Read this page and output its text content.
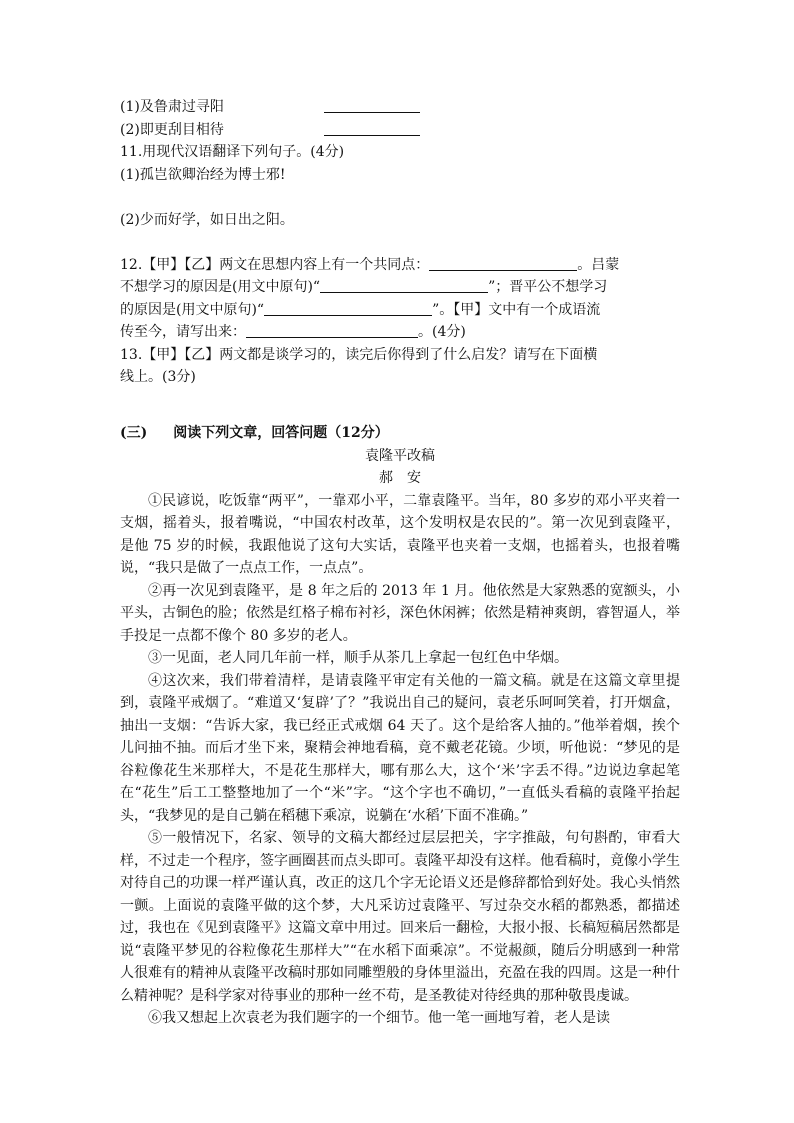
(1)及鲁肃过寻阳
(2)即更刮目相待
11.用现代汉语翻译下列句子。(4分)
(1)孤岂欲卿治经为博士邪!
(2)少而好学，如日出之阳。
12.【甲】【乙】两文在思想内容上有一个共同点：	。吕蒙
不想学习的原因是(用文中原句)“	”；晋平公不想学习
的原因是(用文中原句)“	”。【甲】文中有一个成语流
传至今，请写出来：	。(4分)
13.【甲】【乙】两文都是谈学习的，读完后你得到了什么启发？请写在下面横
线上。(3分)
(三) 阅读下列文章，回答问题（12分）
袁隆平改稿
郝　安

①民谚说，吃饭靠“两平”，一靠邓小平，二靠袁隆平。当年，80 多岁的邓小平夹着一支烟，摇着头，报着嘴说，“中国农村改革，这个发明权是农民的”。第一次见到袁隆平，是他 75 岁的时候，我跟他说了这句大实话，袁隆平也夹着一支烟，也摇着头，也报着嘴说，“我只是做了一点点工作，一点点”。

②再一次见到袁隆平，是 8 年之后的 2013 年 1 月。他依然是大家熟悉的宽额头，小平头，古铜色的脸；依然是红格子棉布衬衫，深色休闲裤；依然是精神爽朗，睿智逼人，举手投足一点都不像个 80 多岁的老人。

③一见面，老人同几年前一样，顺手从茶几上拿起一包红色中华烟。

④这次来，我们带着清样，是请袁隆平审定有关他的一篇文稿。就是在这篇文章里提到，袁隆平戒烟了。“难道又‘复辟’了？”我说出自己的疑问，袁老乐呵呵笑着，打开烟盒，抽出一支烟：“告诉大家，我已经正式戒烟 64 天了。这个是给客人抽的。”他举着烟，挨个儿问抽不抽。而后才坐下来，聚精会神地看稿，竟不戴老花镜。少顷，听他说：“梦见的是谷粒像花生米那样大，不是花生那样大，哪有那么大，这个‘米’字丢不得。”边说边拿起笔在“花生”后工工整整地加了一个“米”字。“这个字也不确切，”一直低头看稿的袁隆平抬起头，“我梦见的是自己躺在稻穗下乘凉，说躺在‘水稻’下面不准确。”

⑤一般情况下，名家、领导的文稿大都经过层层把关，字字推敲，句句斟酌，审看大样，不过走一个程序，签字画圈甚而点头即可。袁隆平却没有这样。他看稿时，竟像小学生对待自己的功课一样严谨认真，改正的这几个字无论语义还是修辞都恰到好处。我心头悄然一颤。上面说的袁隆平做的这个梦，大凡采访过袁隆平、写过杂交水稻的都熟悉，都描述过，我也在《见到袁隆平》这篇文章中用过。回来后一翻检，大报小报、长稿短稿居然都是说“袁隆平梦见的谷粒像花生那样大”“在水稻下面乘凉”。不觉赧颜，随后分明感到一种常人很难有的精神从袁隆平改稿时那如同雕塑般的身体里溢出，充盈在我的四周。这是一种什么精神呢？是科学家对待事业的那种一丝不苟，是圣教徒对待经典的那种敬畏虔诚。

⑥我又想起上次袁老为我们题字的一个细节。他一笔一画地写着，老人是读
